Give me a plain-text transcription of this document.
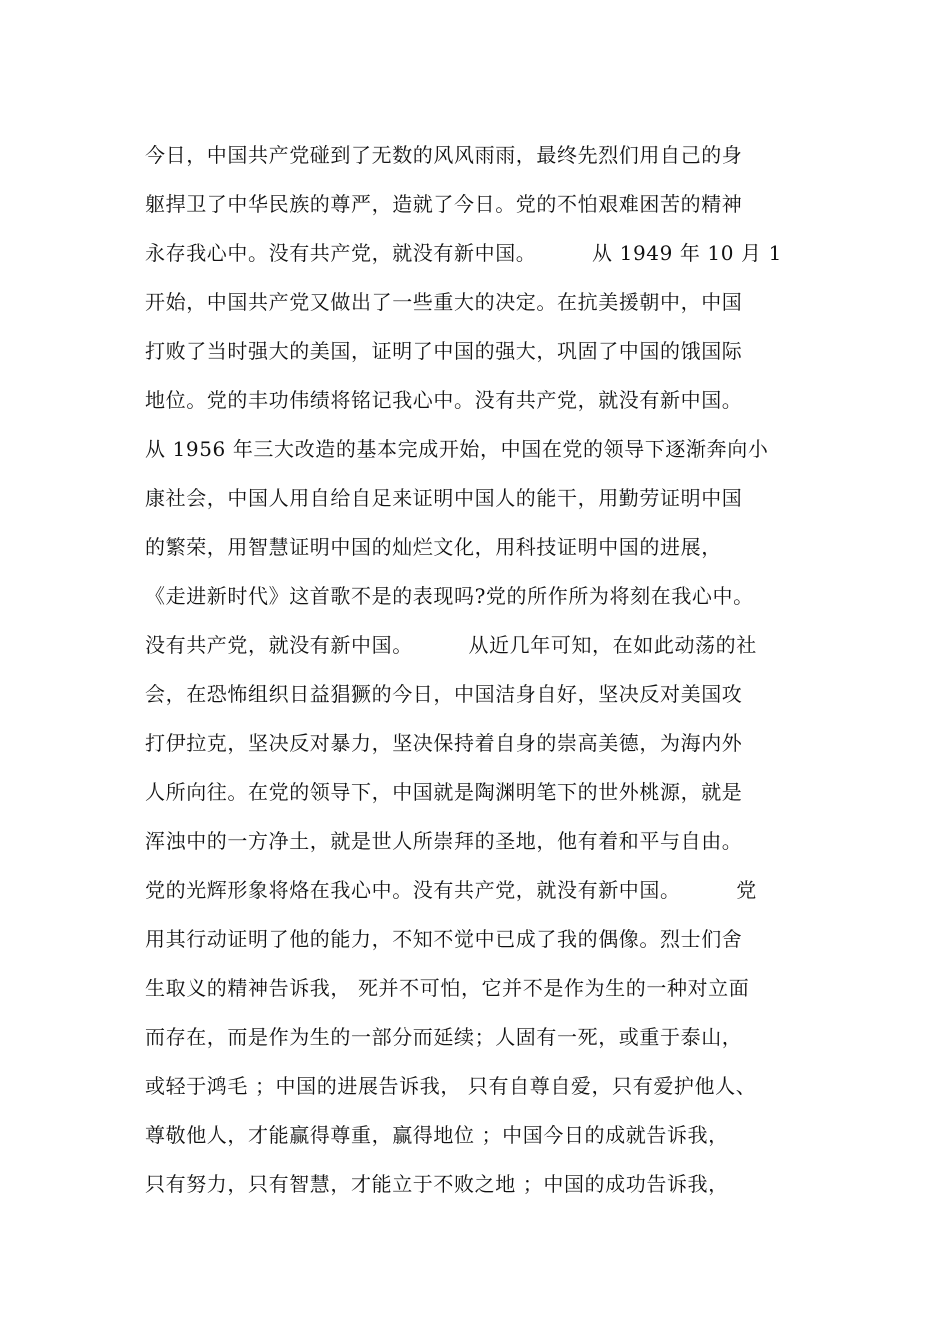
今日，中国共产党碰到了无数的风风雨雨，最终先烈们用自己的身
躯捍卫了中华民族的尊严，造就了今日。党的不怕艰难困苦的精神
永存我心中。没有共产党，就没有新中国。        从 1949 年 10 月 1
开始，中国共产党又做出了一些重大的决定。在抗美援朝中，中国
打败了当时强大的美国，证明了中国的强大，巩固了中国的饿国际
地位。党的丰功伟绩将铭记我心中。没有共产党，就没有新中国。
从 1956 年三大改造的基本完成开始，中国在党的领导下逐渐奔向小
康社会，中国人用自给自足来证明中国人的能干，用勤劳证明中国
的繁荣，用智慧证明中国的灿烂文化，用科技证明中国的进展，
《走进新时代》这首歌不是的表现吗?党的所作所为将刻在我心中。
没有共产党，就没有新中国。        从近几年可知，在如此动荡的社
会，在恐怖组织日益猖獗的今日，中国洁身自好，坚决反对美国攻
打伊拉克，坚决反对暴力，坚决保持着自身的崇高美德，为海内外
人所向往。在党的领导下，中国就是陶渊明笔下的世外桃源，就是
浑浊中的一方净土，就是世人所崇拜的圣地，他有着和平与自由。
党的光辉形象将烙在我心中。没有共产党，就没有新中国。        党
用其行动证明了他的能力，不知不觉中已成了我的偶像。烈士们舍
生取义的精神告诉我， 死并不可怕，它并不是作为生的一种对立面
而存在，而是作为生的一部分而延续；人固有一死，或重于泰山，
或轻于鸿毛 ；中国的进展告诉我， 只有自尊自爱，只有爱护他人、
尊敬他人，才能赢得尊重，赢得地位 ；中国今日的成就告诉我，
只有努力，只有智慧，才能立于不败之地 ；中国的成功告诉我，
